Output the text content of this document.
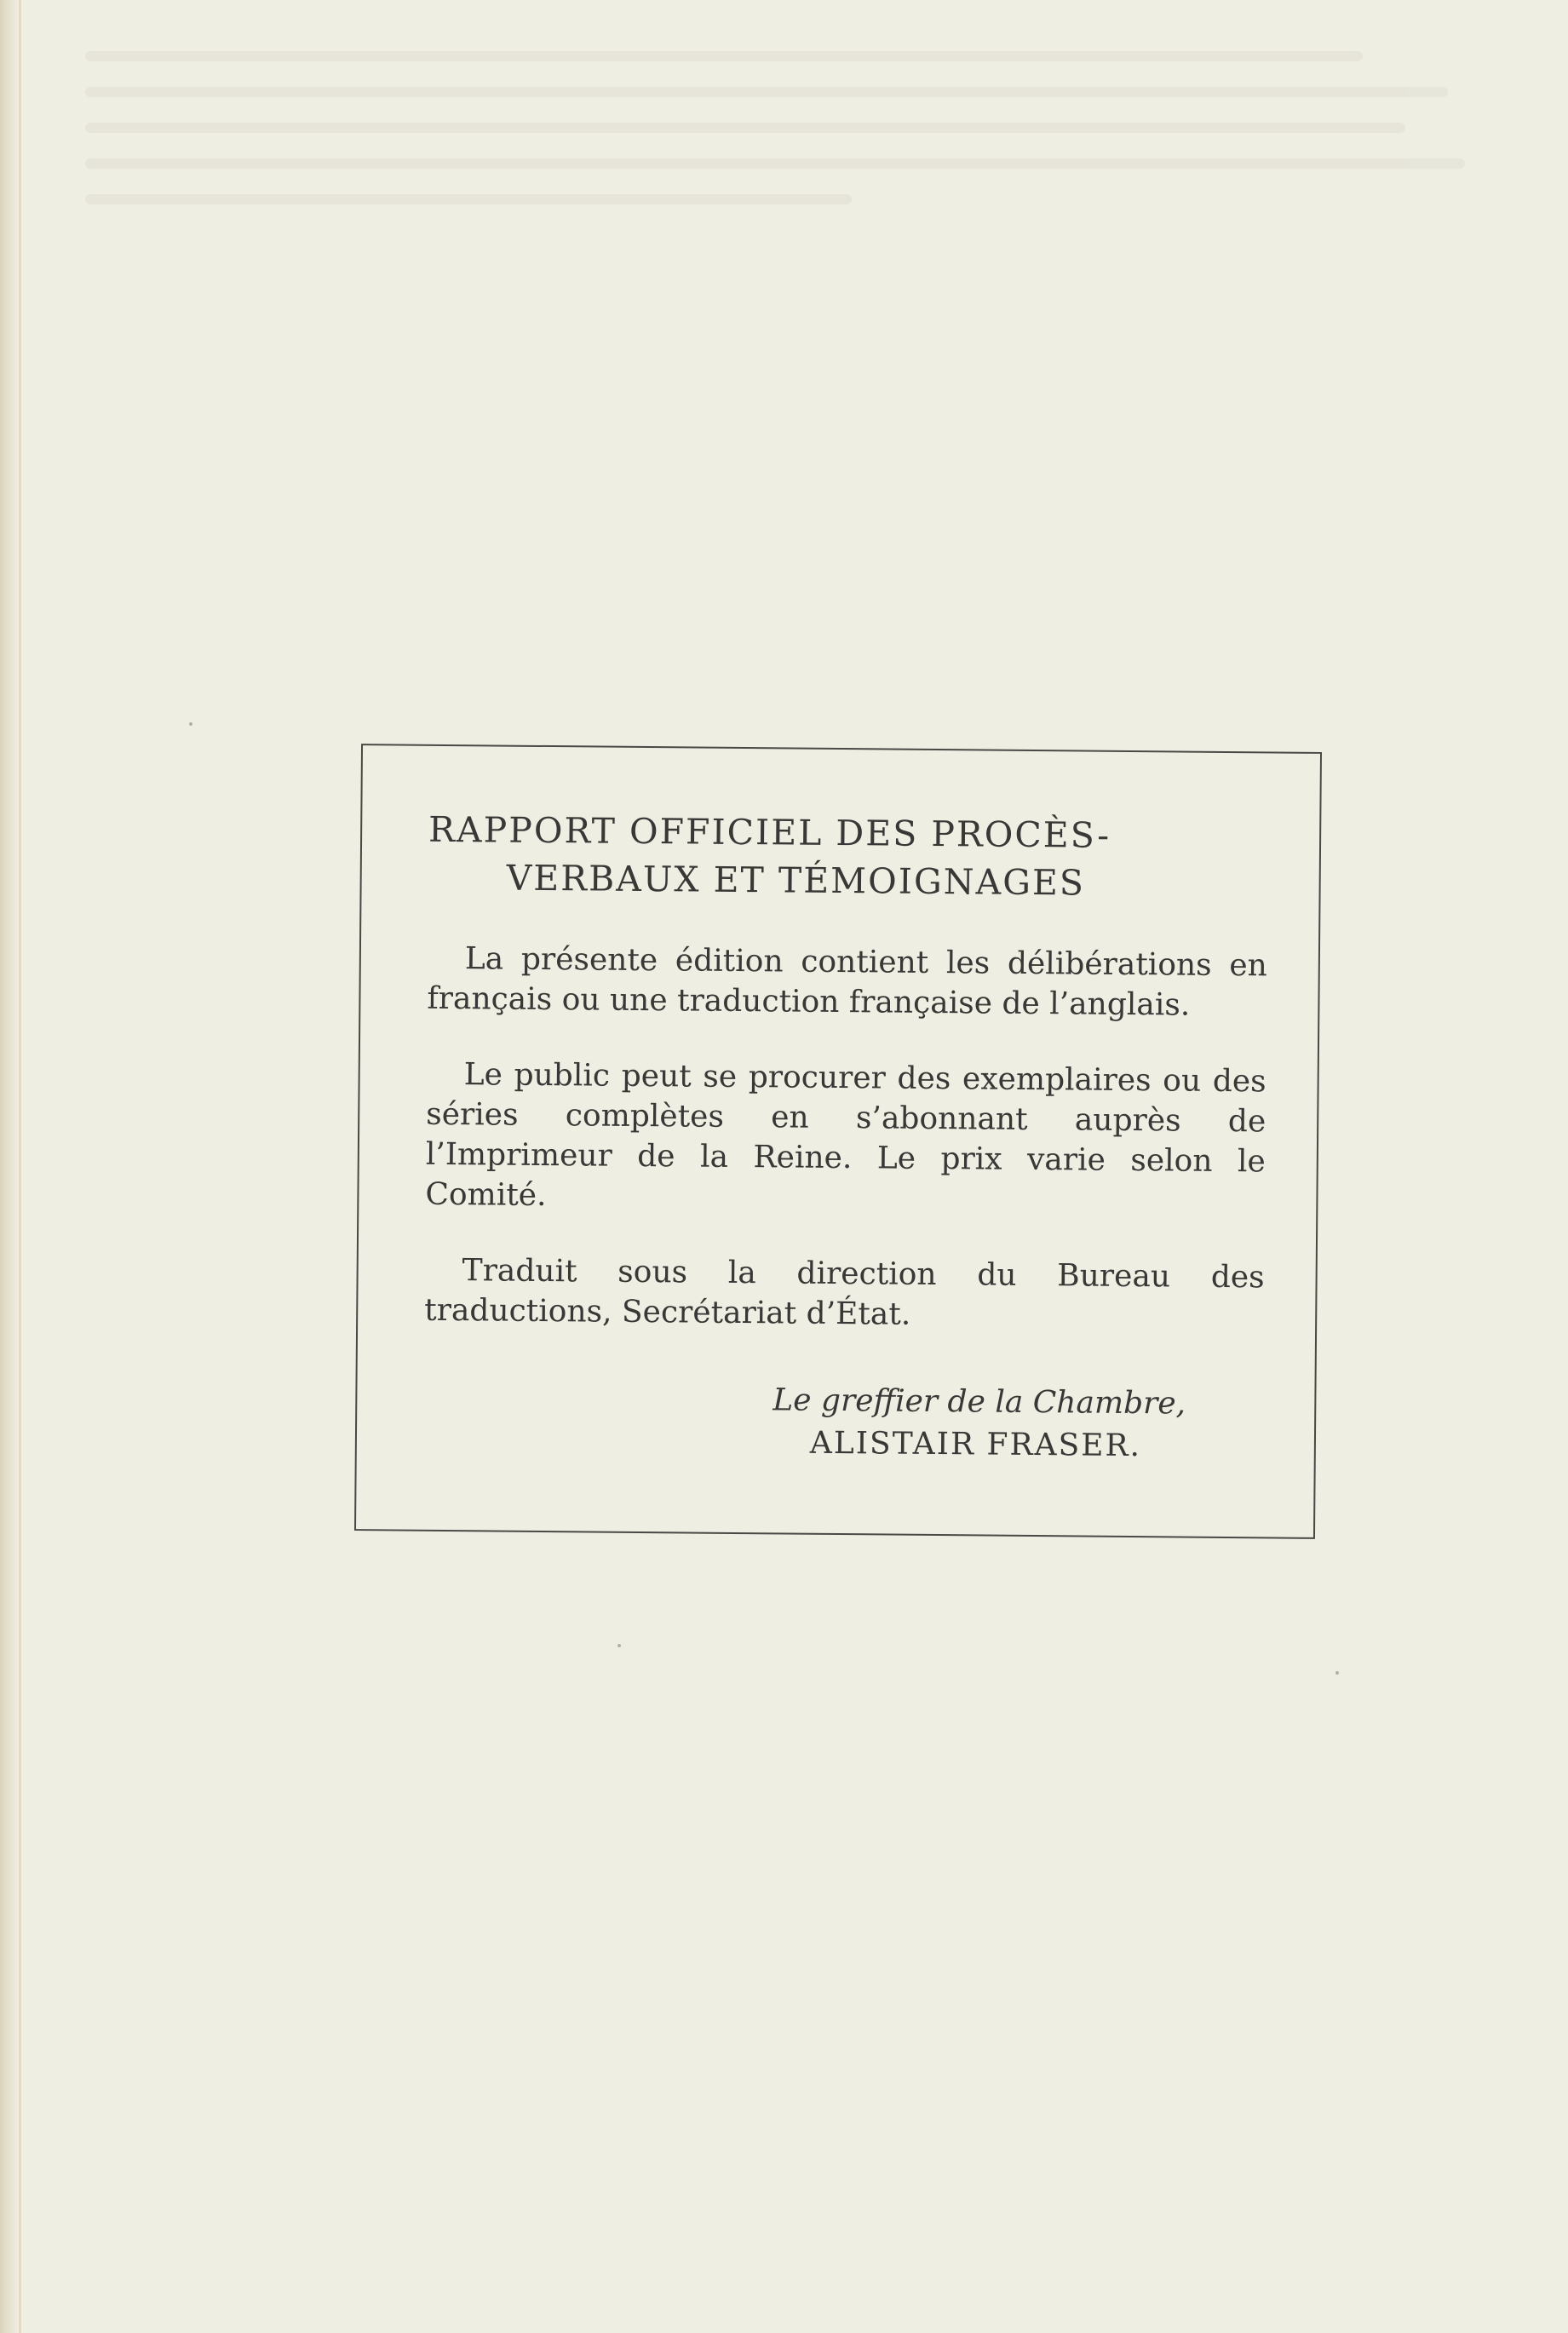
RAPPORT OFFICIEL DES PROCÈS-
VERBAUX ET TÉMOIGNAGES

La présente édition contient les délibérations en français ou une traduction française de l’anglais.

Le public peut se procurer des exemplaires ou des séries complètes en s’abonnant auprès de l’Imprimeur de la Reine. Le prix varie selon le Comité.

Traduit sous la direction du Bureau des traductions, Secrétariat d’État.

Le greffier de la Chambre,
ALISTAIR FRASER.
